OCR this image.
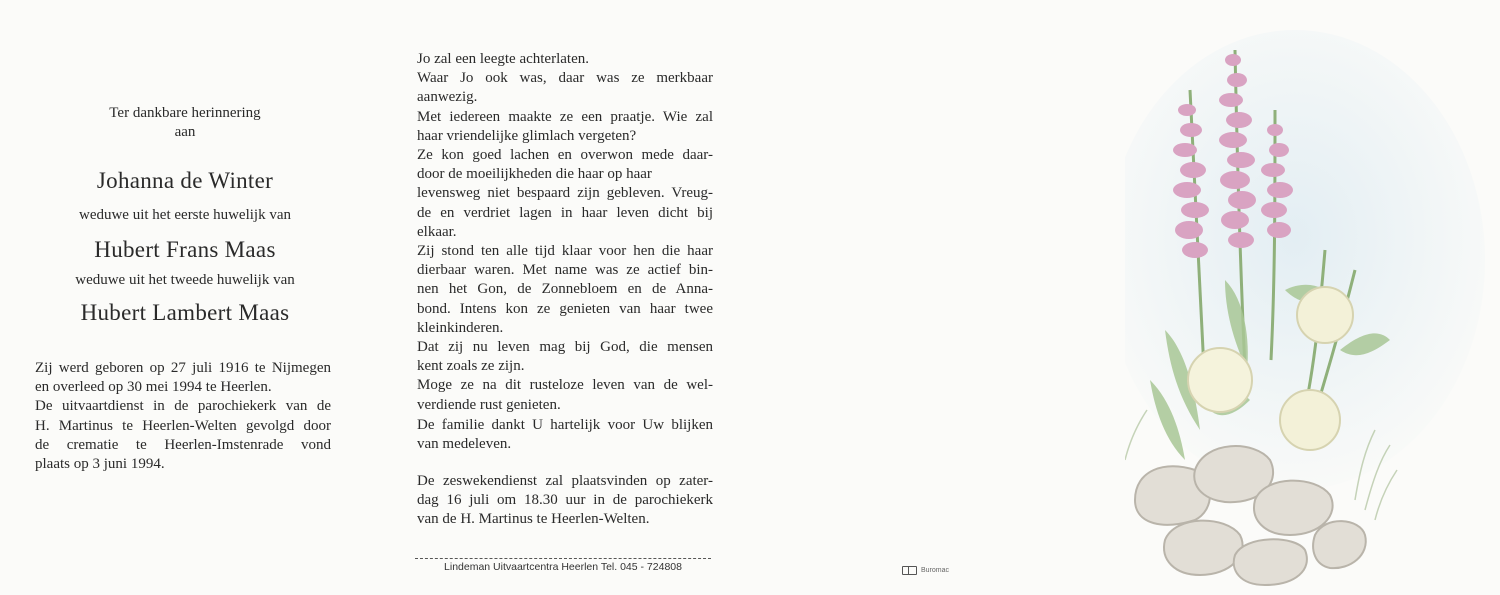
Ter dankbare herinnering
aan
Johanna de Winter
weduwe uit het eerste huwelijk van
Hubert Frans Maas
weduwe uit het tweede huwelijk van
Hubert Lambert Maas
Zij werd geboren op 27 juli 1916 te Nijmegen
en overleed op 30 mei 1994 te Heerlen.
De uitvaartdienst in de parochiekerk van de
H. Martinus te Heerlen-Welten gevolgd door
de crematie te Heerlen-Imstenrade vond
plaats op 3 juni 1994.
Jo zal een leegte achterlaten.
Waar Jo ook was, daar was ze merkbaar
aanwezig.
Met iedereen maakte ze een praatje. Wie zal
haar vriendelijke glimlach vergeten?
Ze kon goed lachen en overwon mede daar-
door de moeilijkheden die haar op haar
levensweg niet bespaard zijn gebleven. Vreug-
de en verdriet lagen in haar leven dicht bij
elkaar.
Zij stond ten alle tijd klaar voor hen die haar
dierbaar waren. Met name was ze actief bin-
nen het Gon, de Zonnebloem en de Anna-
bond. Intens kon ze genieten van haar twee
kleinkinderen.
Dat zij nu leven mag bij God, die mensen
kent zoals ze zijn.
Moge ze na dit rusteloze leven van de wel-
verdiende rust genieten.
De familie dankt U hartelijk voor Uw blijken
van medeleven.
De zeswekendienst zal plaatsvinden op zater-
dag 16 juli om 18.30 uur in de parochiekerk
van de H. Martinus te Heerlen-Welten.
Lindeman Uitvaartcentra Heerlen Tel. 045 - 724808	Buromac
